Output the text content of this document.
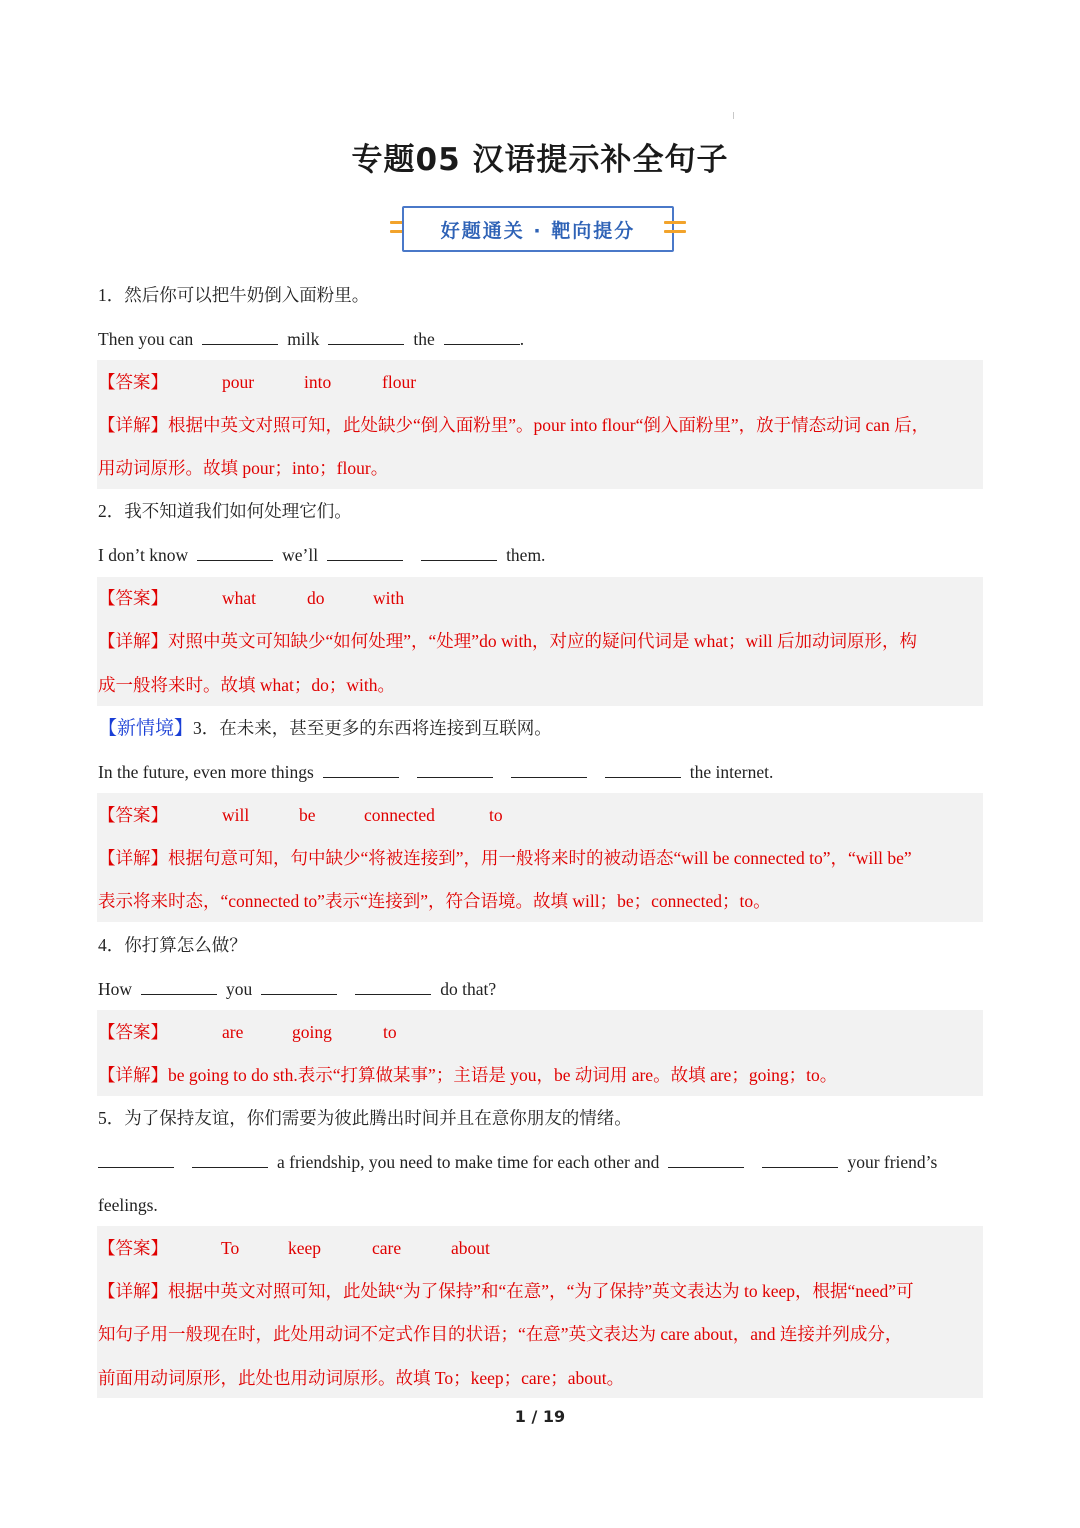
专题05 汉语提示补全句子
好题通关 · 靶向提分
1．然后你可以把牛奶倒入面粉里。
Then you can	milk	the	.
【答案】	pour	into	flour
【详解】根据中英文对照可知，此处缺少“倒入面粉里”。pour into flour“倒入面粉里”，放于情态动词 can 后，
用动词原形。故填 pour；into；flour。
2．我不知道我们如何处理它们。
I don’t know	we’ll	them.
【答案】	what	do	with
【详解】对照中英文可知缺少“如何处理”，“处理”do with，对应的疑问代词是 what；will 后加动词原形，构
成一般将来时。故填 what；do；with。
【新情境】3．在未来，甚至更多的东西将连接到互联网。
In the future, even more things	the internet.
【答案】	will	be	connected	to
【详解】根据句意可知，句中缺少“将被连接到”，用一般将来时的被动语态“will be connected to”，“will be”
表示将来时态，“connected to”表示“连接到”，符合语境。故填 will；be；connected；to。
4．你打算怎么做？
How	you	do that?
【答案】	are	going	to
【详解】be going to do sth.表示“打算做某事”；主语是 you，be 动词用 are。故填 are；going；to。
5．为了保持友谊，你们需要为彼此腾出时间并且在意你朋友的情绪。
a friendship, you need to make time for each other and	your friend’s
feelings.
【答案】	To	keep	care	about
【详解】根据中英文对照可知，此处缺“为了保持”和“在意”，“为了保持”英文表达为 to keep，根据“need”可
知句子用一般现在时，此处用动词不定式作目的状语；“在意”英文表达为 care about，and 连接并列成分，
前面用动词原形，此处也用动词原形。故填 To；keep；care；about。
1 / 19
